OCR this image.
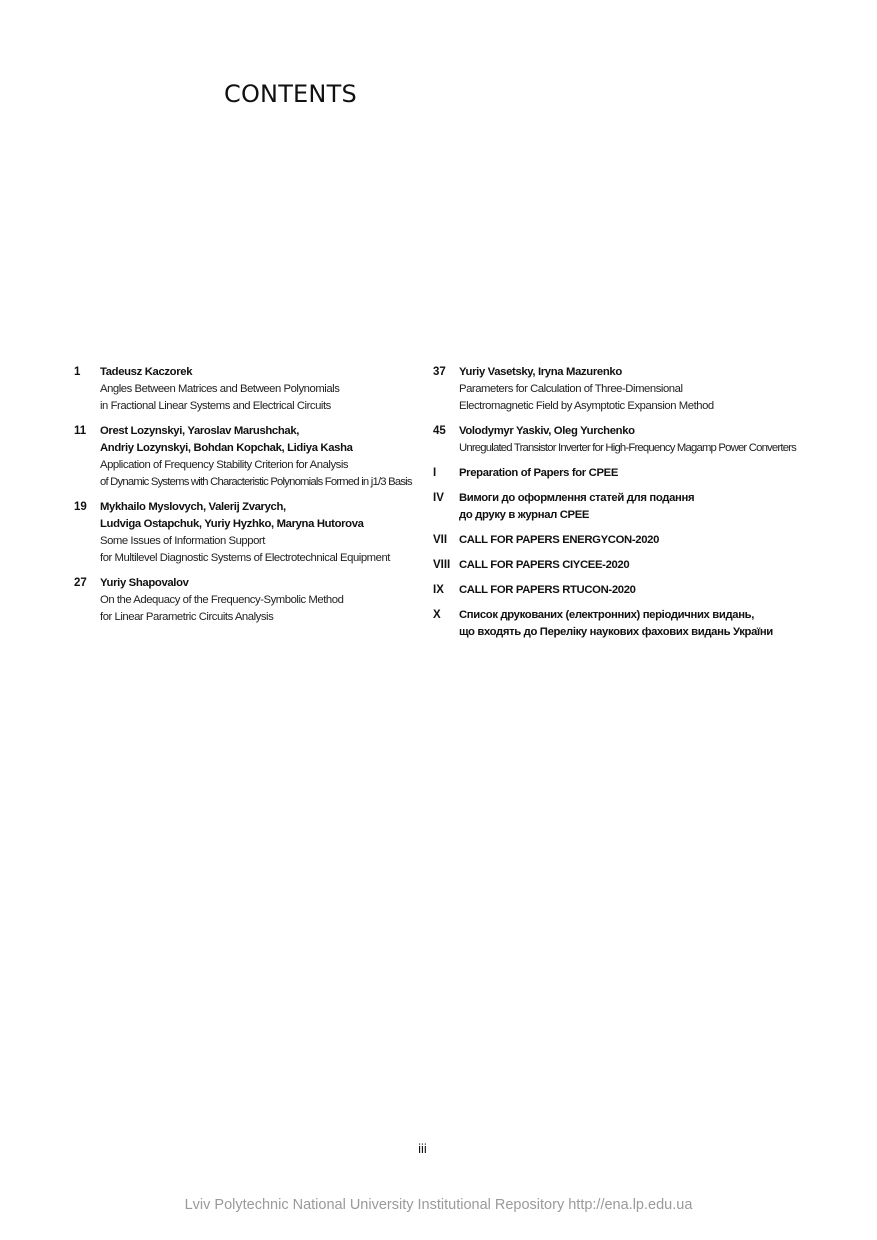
CONTENTS
1	Tadeusz Kaczorek
Angles Between Matrices and Between Polynomials
in Fractional Linear Systems and Electrical Circuits
11	Orest Lozynskyi, Yaroslav Marushchak,
Andriy Lozynskyi, Bohdan Kopchak, Lidiya Kasha
Application of Frequency Stability Criterion for Analysis
of Dynamic Systems with Characteristic Polynomials Formed in j1/3 Basis
19	Mykhailo Myslovych, Valerij Zvarych,
Ludviga Ostapchuk, Yuriy Hyzhko, Maryna Hutorova
Some Issues of Information Support
for Multilevel Diagnostic Systems of Electrotechnical Equipment
27	Yuriy Shapovalov
On the Adequacy of the Frequency-Symbolic Method
for Linear Parametric Circuits Analysis
37	Yuriy Vasetsky, Iryna Mazurenko
Parameters for Calculation of Three-Dimensional
Electromagnetic Field by Asymptotic Expansion Method
45	Volodymyr Yaskiv, Oleg Yurchenko
Unregulated Transistor Inverter for High-Frequency Magamp Power Converters
I	Preparation of Papers for CPEE
IV	Вимоги до оформлення статей для подання
до друку в журнал CPEE
VII	CALL FOR PAPERS ENERGYCON-2020
VIII CALL FOR PAPERS CIYCEE-2020
IX	CALL FOR PAPERS RTUCON-2020
X	Список друкованих (електронних) періодичних видань,
що входять до Переліку наукових фахових видань України
iii
Lviv Polytechnic National University Institutional Repository http://ena.lp.edu.ua
